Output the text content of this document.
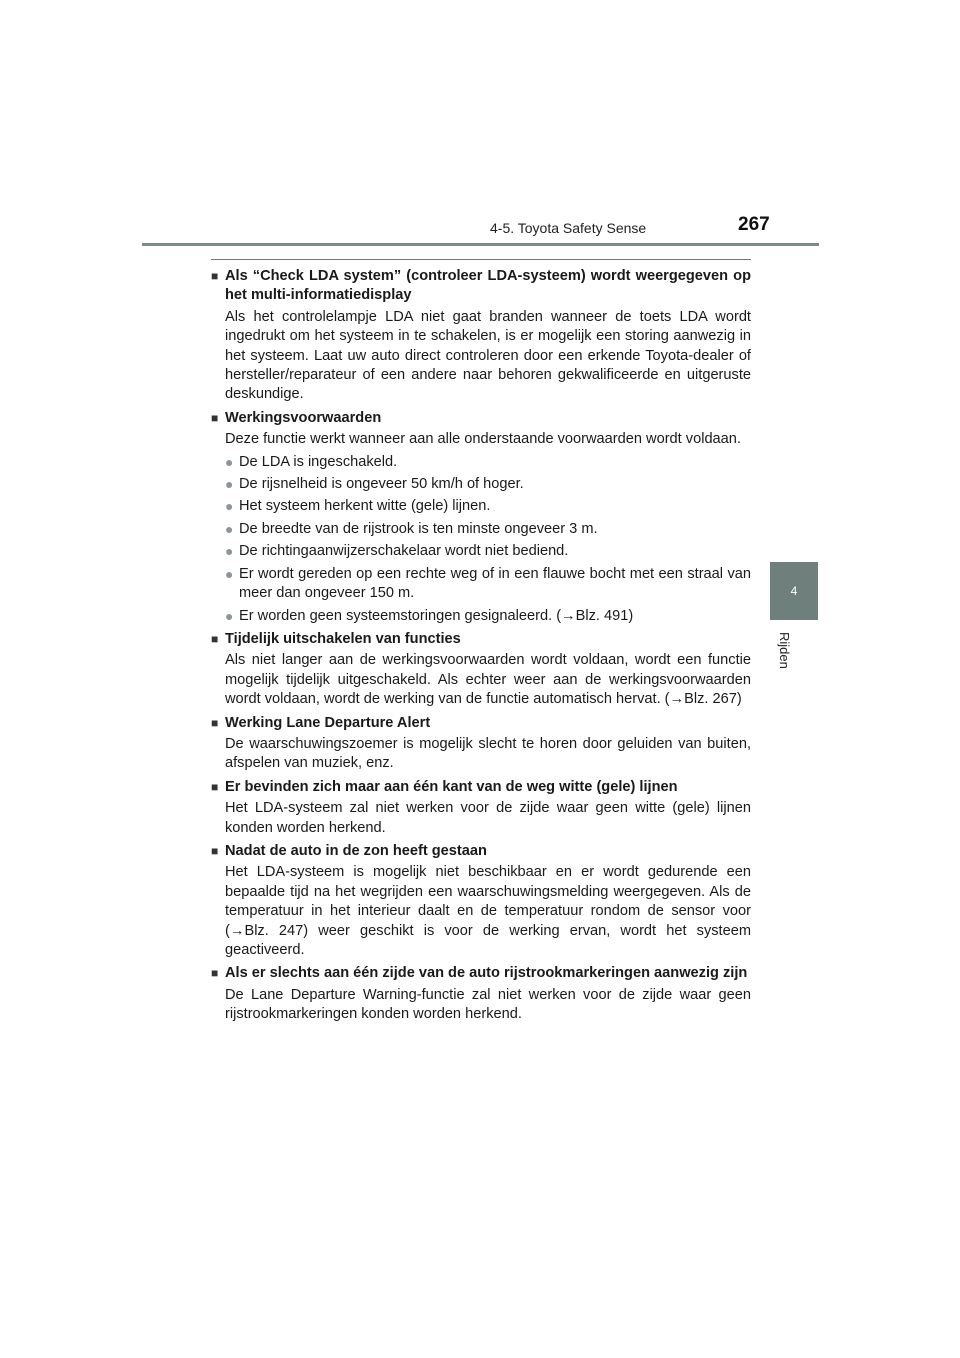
4-5. Toyota Safety Sense	267
4
Rijden
■ Als “Check LDA system” (controleer LDA-systeem) wordt weergegeven op het multi-informatiedisplay
Als het controlelampje LDA niet gaat branden wanneer de toets LDA wordt ingedrukt om het systeem in te schakelen, is er mogelijk een storing aanwezig in het systeem. Laat uw auto direct controleren door een erkende Toyota-dealer of hersteller/reparateur of een andere naar behoren gekwalificeerde en uitgeruste deskundige.
■ Werkingsvoorwaarden
Deze functie werkt wanneer aan alle onderstaande voorwaarden wordt voldaan.
● De LDA is ingeschakeld.
● De rijsnelheid is ongeveer 50 km/h of hoger.
● Het systeem herkent witte (gele) lijnen.
● De breedte van de rijstrook is ten minste ongeveer 3 m.
● De richtingaanwijzerschakelaar wordt niet bediend.
● Er wordt gereden op een rechte weg of in een flauwe bocht met een straal van meer dan ongeveer 150 m.
● Er worden geen systeemstoringen gesignaleerd. (→Blz. 491)
■ Tijdelijk uitschakelen van functies
Als niet langer aan de werkingsvoorwaarden wordt voldaan, wordt een functie mogelijk tijdelijk uitgeschakeld. Als echter weer aan de werkingsvoorwaarden wordt voldaan, wordt de werking van de functie automatisch hervat. (→Blz. 267)
■ Werking Lane Departure Alert
De waarschuwingszoemer is mogelijk slecht te horen door geluiden van buiten, afspelen van muziek, enz.
■ Er bevinden zich maar aan één kant van de weg witte (gele) lijnen
Het LDA-systeem zal niet werken voor de zijde waar geen witte (gele) lijnen konden worden herkend.
■ Nadat de auto in de zon heeft gestaan
Het LDA-systeem is mogelijk niet beschikbaar en er wordt gedurende een bepaalde tijd na het wegrijden een waarschuwingsmelding weergegeven. Als de temperatuur in het interieur daalt en de temperatuur rondom de sensor voor (→Blz. 247) weer geschikt is voor de werking ervan, wordt het systeem geactiveerd.
■ Als er slechts aan één zijde van de auto rijstrookmarkeringen aanwezig zijn
De Lane Departure Warning-functie zal niet werken voor de zijde waar geen rijstrookmarkeringen konden worden herkend.
